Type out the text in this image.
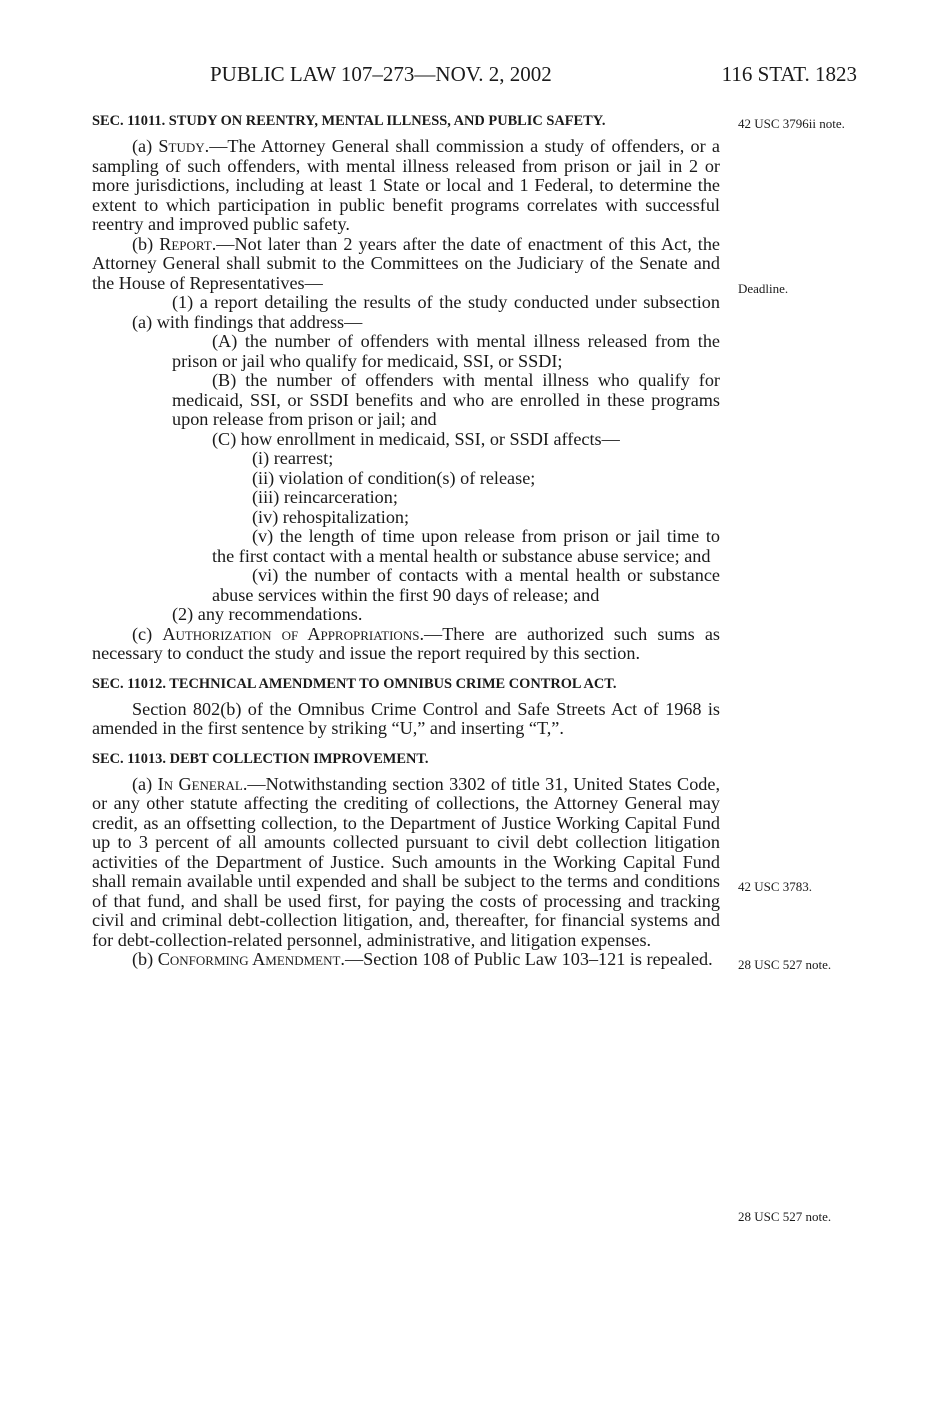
PUBLIC LAW 107–273—NOV. 2, 2002	116 STAT. 1823

SEC. 11011. STUDY ON REENTRY, MENTAL ILLNESS, AND PUBLIC SAFETY.

(a) Study.—The Attorney General shall commission a study of offenders, or a sampling of such offenders, with mental illness released from prison or jail in 2 or more jurisdictions, including at least 1 State or local and 1 Federal, to determine the extent to which participation in public benefit programs correlates with successful reentry and improved public safety.

(b) Report.—Not later than 2 years after the date of enactment of this Act, the Attorney General shall submit to the Committees on the Judiciary of the Senate and the House of Representatives—

(1) a report detailing the results of the study conducted under subsection (a) with findings that address—

(A) the number of offenders with mental illness released from the prison or jail who qualify for medicaid, SSI, or SSDI;

(B) the number of offenders with mental illness who qualify for medicaid, SSI, or SSDI benefits and who are enrolled in these programs upon release from prison or jail; and

(C) how enrollment in medicaid, SSI, or SSDI affects—

(i) rearrest;

(ii) violation of condition(s) of release;

(iii) reincarceration;

(iv) rehospitalization;

(v) the length of time upon release from prison or jail time to the first contact with a mental health or substance abuse service; and

(vi) the number of contacts with a mental health or substance abuse services within the first 90 days of release; and

(2) any recommendations.

(c) Authorization of Appropriations.—There are authorized such sums as necessary to conduct the study and issue the report required by this section.

SEC. 11012. TECHNICAL AMENDMENT TO OMNIBUS CRIME CONTROL ACT.

Section 802(b) of the Omnibus Crime Control and Safe Streets Act of 1968 is amended in the first sentence by striking “U,” and inserting “T,”.

SEC. 11013. DEBT COLLECTION IMPROVEMENT.

(a) In General.—Notwithstanding section 3302 of title 31, United States Code, or any other statute affecting the crediting of collections, the Attorney General may credit, as an offsetting collection, to the Department of Justice Working Capital Fund up to 3 percent of all amounts collected pursuant to civil debt collection litigation activities of the Department of Justice. Such amounts in the Working Capital Fund shall remain available until expended and shall be subject to the terms and conditions of that fund, and shall be used first, for paying the costs of processing and tracking civil and criminal debt-collection litigation, and, thereafter, for financial systems and for debt-collection-related personnel, administrative, and litigation expenses.

(b) Conforming Amendment.—Section 108 of Public Law 103–121 is repealed.

42 USC 3796ii note.
Deadline.
42 USC 3783.
28 USC 527 note.
28 USC 527 note.
